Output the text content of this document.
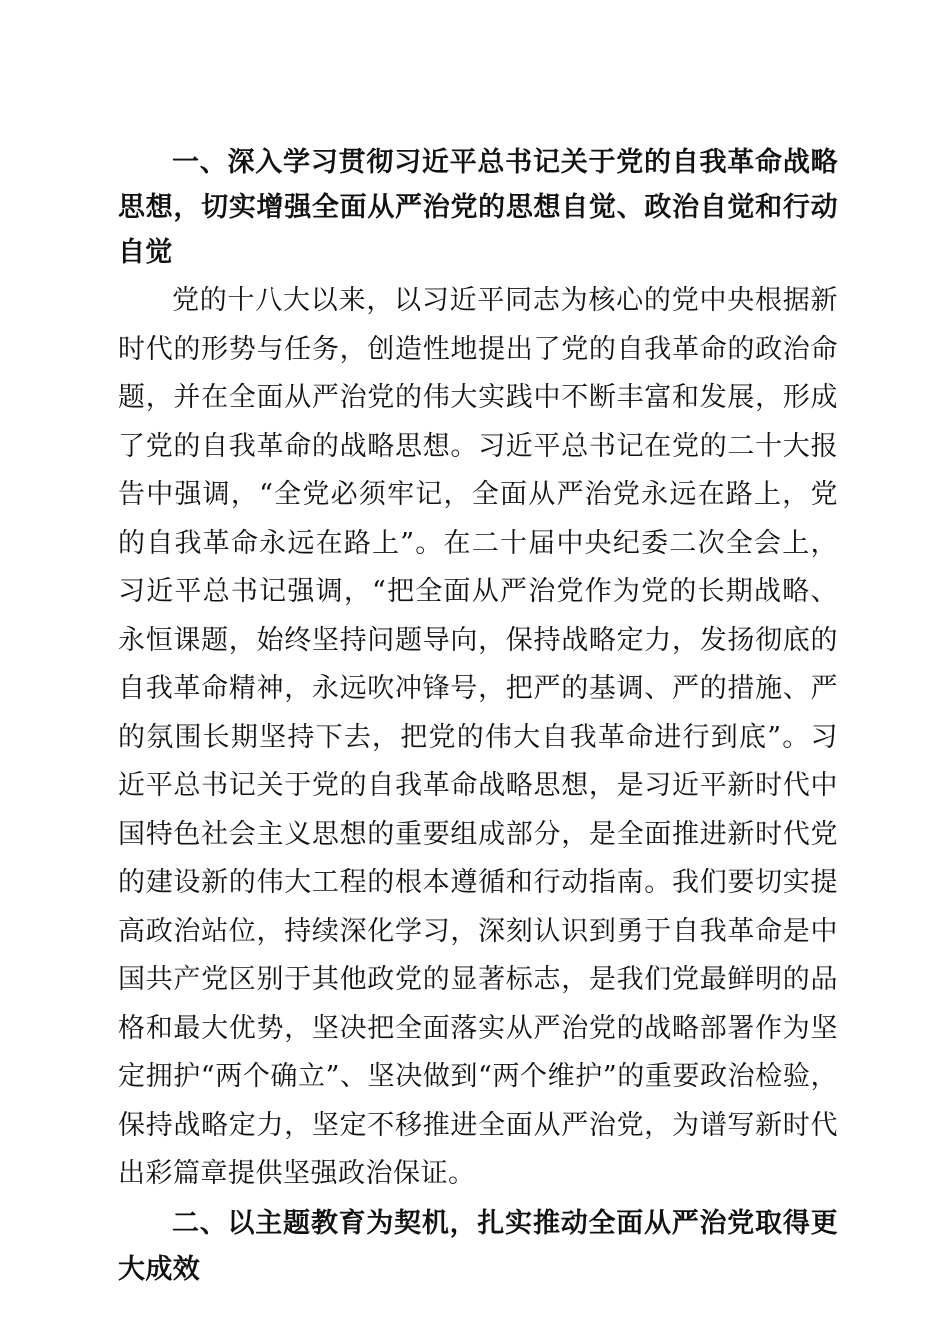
一、深入学习贯彻习近平总书记关于党的自我革命战略思想，切实增强全面从严治党的思想自觉、政治自觉和行动自觉

党的十八大以来，以习近平同志为核心的党中央根据新时代的形势与任务，创造性地提出了党的自我革命的政治命题，并在全面从严治党的伟大实践中不断丰富和发展，形成了党的自我革命的战略思想。习近平总书记在党的二十大报告中强调，“全党必须牢记，全面从严治党永远在路上，党的自我革命永远在路上”。在二十届中央纪委二次全会上，习近平总书记强调，“把全面从严治党作为党的长期战略、永恒课题，始终坚持问题导向，保持战略定力，发扬彻底的自我革命精神，永远吹冲锋号，把严的基调、严的措施、严的氛围长期坚持下去，把党的伟大自我革命进行到底”。习近平总书记关于党的自我革命战略思想，是习近平新时代中国特色社会主义思想的重要组成部分，是全面推进新时代党的建设新的伟大工程的根本遵循和行动指南。我们要切实提高政治站位，持续深化学习，深刻认识到勇于自我革命是中国共产党区别于其他政党的显著标志，是我们党最鲜明的品格和最大优势，坚决把全面落实从严治党的战略部署作为坚定拥护“两个确立”、坚决做到“两个维护”的重要政治检验，保持战略定力，坚定不移推进全面从严治党，为谱写新时代出彩篇章提供坚强政治保证。

二、以主题教育为契机，扎实推动全面从严治党取得更大成效
